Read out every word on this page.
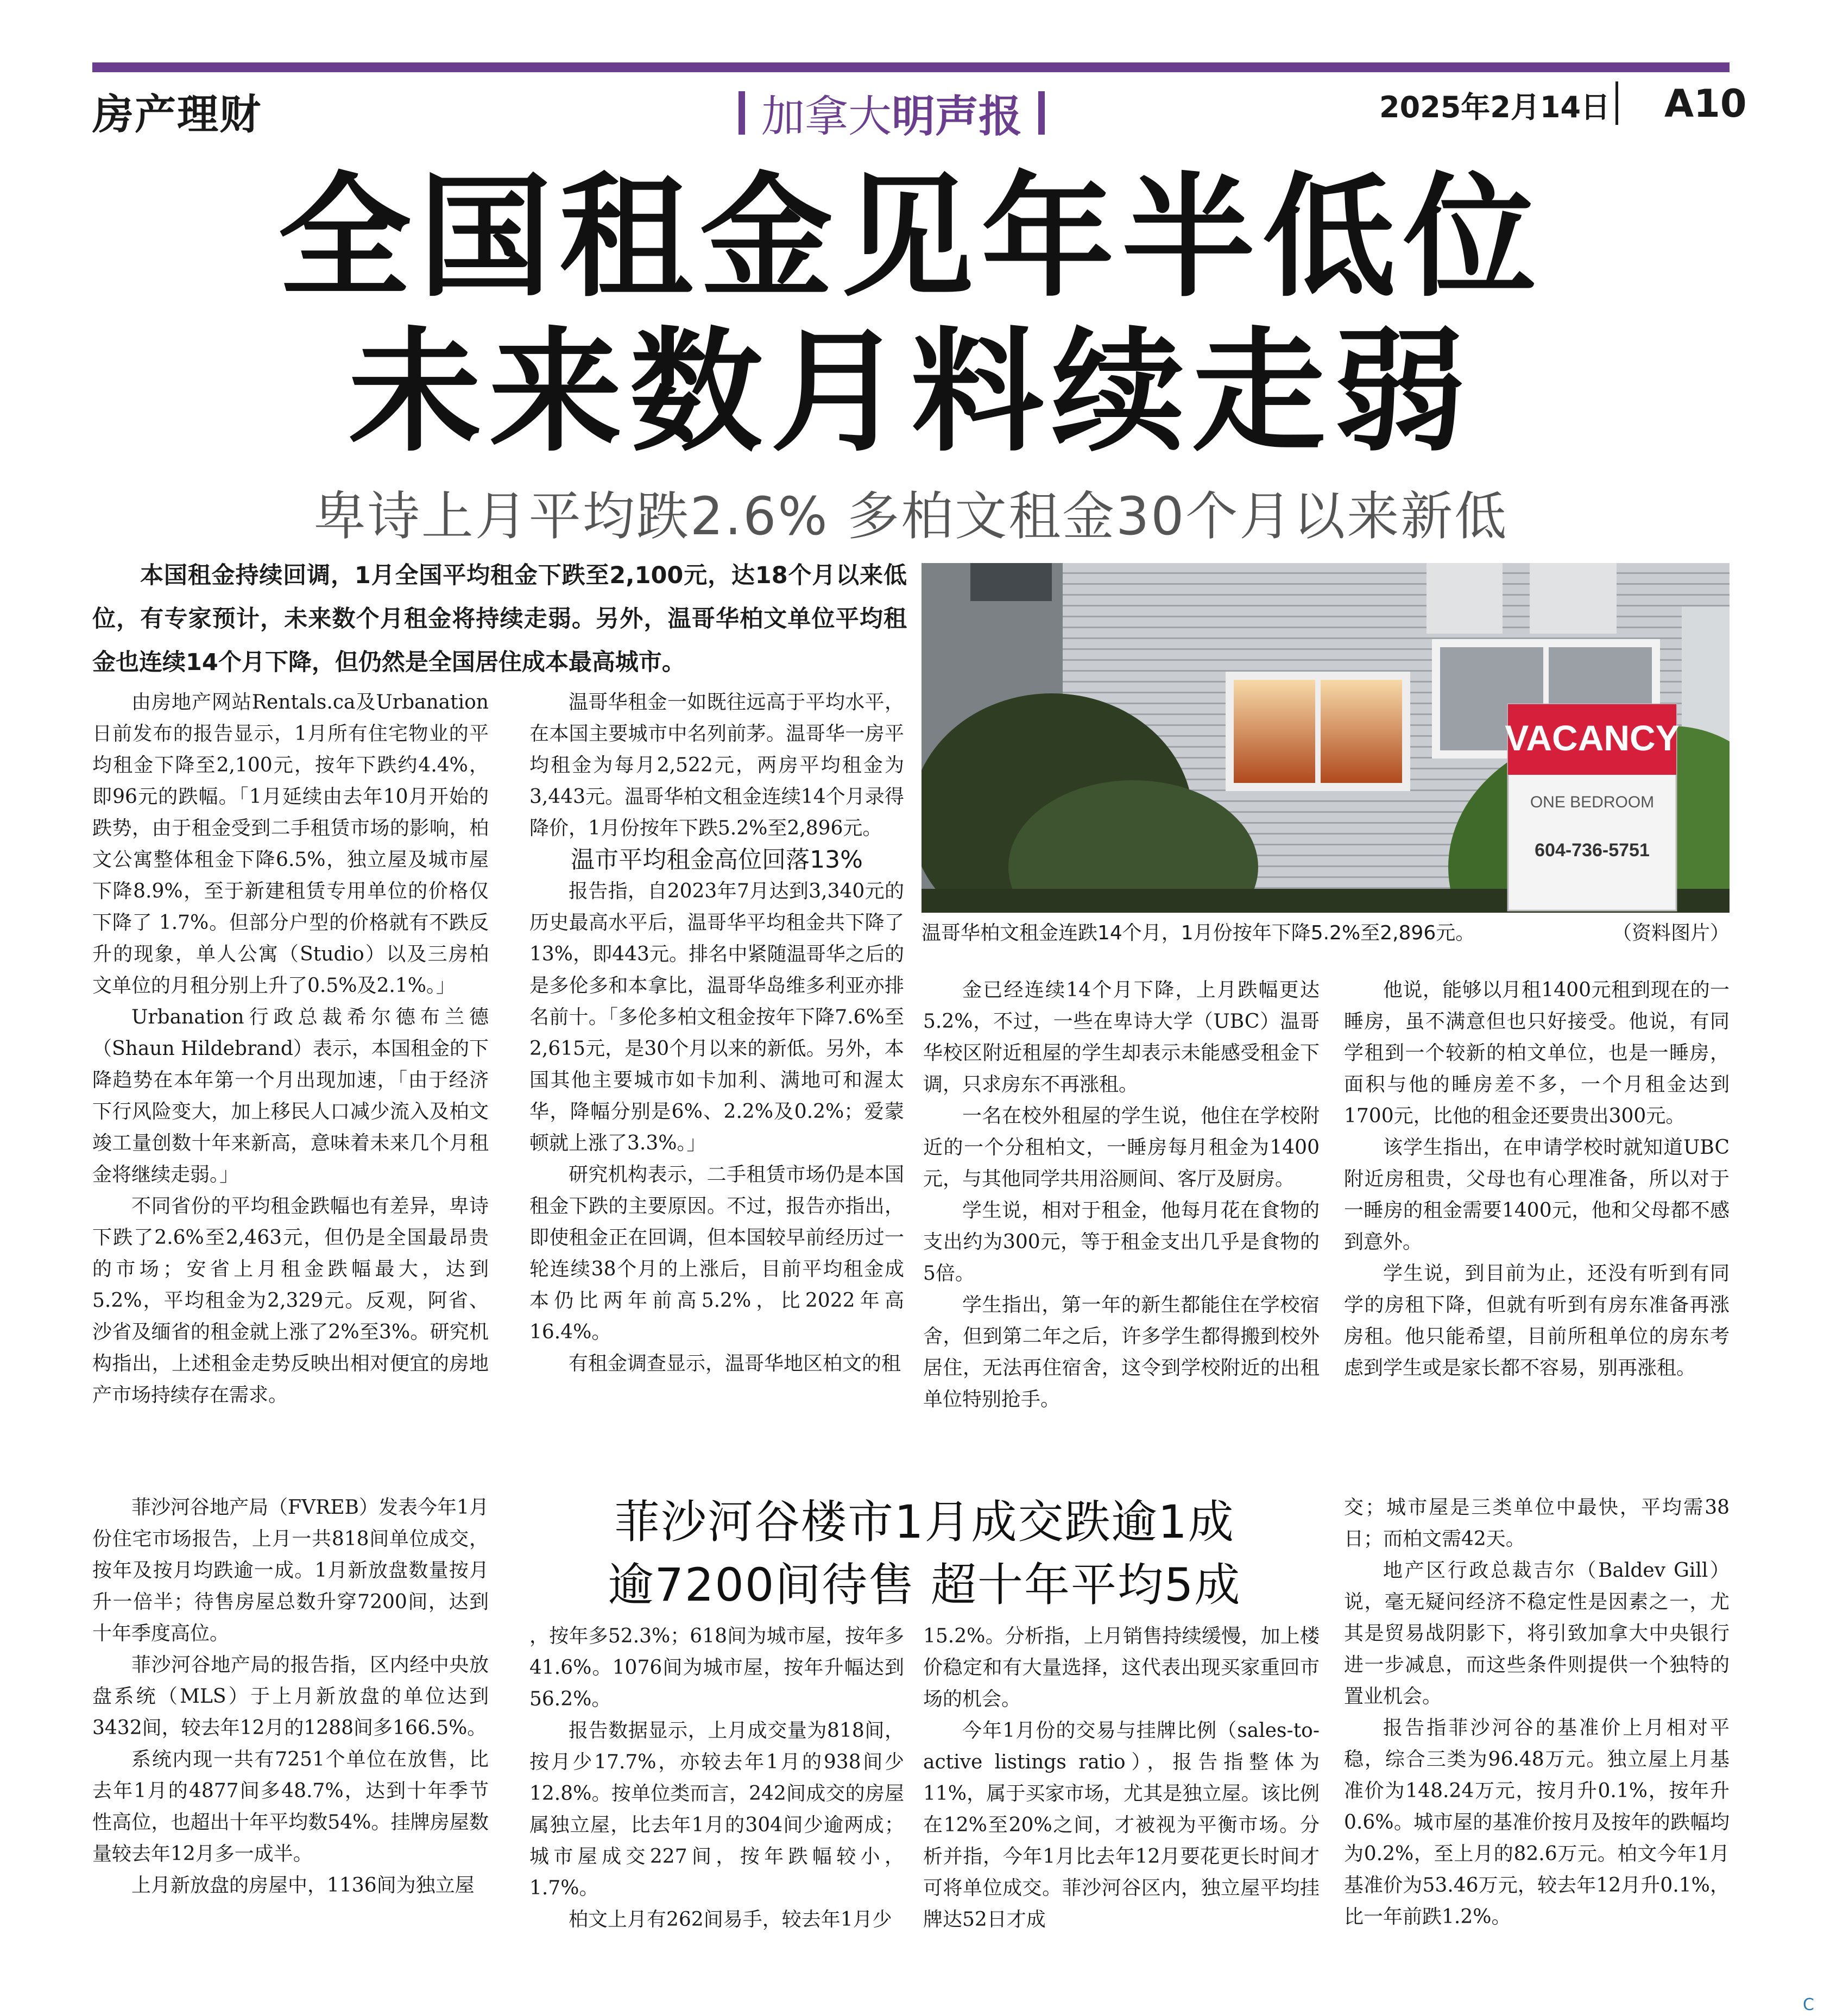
房产理财	加拿大明声报	2025年2月14日 A10
全国租金见年半低位
未来数月料续走弱
卑诗上月平均跌2.6% 多柏文租金30个月以来新低
本国租金持续回调，1月全国平均租金下跌至2,100元，达18个月以来低位，有专家预计，未来数个月租金将持续走弱。另外，温哥华柏文单位平均租金也连续14个月下降，但仍然是全国居住成本最高城市。

由房地产网站Rentals.ca及Urbanation日前发布的报告显示，1月所有住宅物业的平均租金下降至2,100元，按年下跌约4.4%，即96元的跌幅。「1月延续由去年10月开始的跌势，由于租金受到二手租赁市场的影响，柏文公寓整体租金下降6.5%，独立屋及城市屋下降8.9%，至于新建租赁专用单位的价格仅下降了 1.7%。但部分户型的价格就有不跌反升的现象，单人公寓（Studio）以及三房柏文单位的月租分别上升了0.5%及2.1%。」

Urbanation行政总裁希尔德布兰德（Shaun Hildebrand）表示，本国租金的下降趋势在本年第一个月出现加速，「由于经济下行风险变大，加上移民人口减少流入及柏文竣工量创数十年来新高，意味着未来几个月租金将继续走弱。」

不同省份的平均租金跌幅也有差异，卑诗下跌了2.6%至2,463元，但仍是全国最昂贵的市场；安省上月租金跌幅最大，达到5.2%，平均租金为2,329元。反观，阿省、沙省及缅省的租金就上涨了2%至3%。研究机构指出，上述租金走势反映出相对便宜的房地产市场持续存在需求。

温哥华租金一如既往远高于平均水平，在本国主要城市中名列前茅。温哥华一房平均租金为每月2,522元，两房平均租金为3,443元。温哥华柏文租金连续14个月录得降价，1月份按年下跌5.2%至2,896元。

温市平均租金高位回落13%

报告指，自2023年7月达到3,340元的历史最高水平后，温哥华平均租金共下降了13%，即443元。排名中紧随温哥华之后的是多伦多和本拿比，温哥华岛维多利亚亦排名前十。「多伦多柏文租金按年下降7.6%至2,615元，是30个月以来的新低。另外，本国其他主要城市如卡加利、满地可和渥太华，降幅分别是6%、2.2%及0.2%；爱蒙顿就上涨了3.3%。」

研究机构表示，二手租赁市场仍是本国租金下跌的主要原因。不过，报告亦指出，即使租金正在回调，但本国较早前经历过一轮连续38个月的上涨后，目前平均租金成本仍比两年前高5.2%，比2022年高16.4%。

有租金调查显示，温哥华地区柏文的租

VACANCY
ONE BEDROOM
604-736-5751
温哥华柏文租金连跌14个月，1月份按年下降5.2%至2,896元。	（资料图片）

金已经连续14个月下降，上月跌幅更达5.2%，不过，一些在卑诗大学（UBC）温哥华校区附近租屋的学生却表示未能感受租金下调，只求房东不再涨租。

一名在校外租屋的学生说，他住在学校附近的一个分租柏文，一睡房每月租金为1400元，与其他同学共用浴厕间、客厅及厨房。

学生说，相对于租金，他每月花在食物的支出约为300元，等于租金支出几乎是食物的5倍。

学生指出，第一年的新生都能住在学校宿舍，但到第二年之后，许多学生都得搬到校外居住，无法再住宿舍，这令到学校附近的出租单位特别抢手。

他说，能够以月租1400元租到现在的一睡房，虽不满意但也只好接受。他说，有同学租到一个较新的柏文单位，也是一睡房，面积与他的睡房差不多，一个月租金达到1700元，比他的租金还要贵出300元。

该学生指出，在申请学校时就知道UBC附近房租贵，父母也有心理准备，所以对于一睡房的租金需要1400元，他和父母都不感到意外。

学生说，到目前为止，还没有听到有同学的房租下降，但就有听到有房东准备再涨房租。他只能希望，目前所租单位的房东考虑到学生或是家长都不容易，别再涨租。

菲沙河谷楼市1月成交跌逾1成
逾7200间待售 超十年平均5成

菲沙河谷地产局（FVREB）发表今年1月份住宅市场报告，上月一共818间单位成交，按年及按月均跌逾一成。1月新放盘数量按月升一倍半；待售房屋总数升穿7200间，达到十年季度高位。

菲沙河谷地产局的报告指，区内经中央放盘系统（MLS）于上月新放盘的单位达到3432间，较去年12月的1288间多166.5%。

系统内现一共有7251个单位在放售，比去年1月的4877间多48.7%，达到十年季节性高位，也超出十年平均数54%。挂牌房屋数量较去年12月多一成半。

上月新放盘的房屋中，1136间为独立屋

，按年多52.3%；618间为城市屋，按年多41.6%。1076间为城市屋，按年升幅达到56.2%。

报告数据显示，上月成交量为818间，按月少17.7%，亦较去年1月的938间少12.8%。按单位类而言，242间成交的房屋属独立屋，比去年1月的304间少逾两成；城市屋成交227间，按年跌幅较小，1.7%。

柏文上月有262间易手，较去年1月少

15.2%。分析指，上月销售持续缓慢，加上楼价稳定和有大量选择，这代表出现买家重回市场的机会。

今年1月份的交易与挂牌比例（sales-to-active listings ratio），报告指整体为11%，属于买家市场，尤其是独立屋。该比例在12%至20%之间，才被视为平衡市场。分析并指，今年1月比去年12月要花更长时间才可将单位成交。菲沙河谷区内，独立屋平均挂牌达52日才成

交；城市屋是三类单位中最快，平均需38日；而柏文需42天。

地产区行政总裁吉尔（Baldev Gill）说，毫无疑问经济不稳定性是因素之一，尤其是贸易战阴影下，将引致加拿大中央银行进一步减息，而这些条件则提供一个独特的置业机会。

报告指菲沙河谷的基准价上月相对平稳，综合三类为96.48万元。独立屋上月基准价为148.24万元，按月升0.1%，按年升0.6%。城市屋的基准价按月及按年的跌幅均为0.2%，至上月的82.6万元。柏文今年1月基准价为53.46万元，较去年12月升0.1%，比一年前跌1.2%。

C
